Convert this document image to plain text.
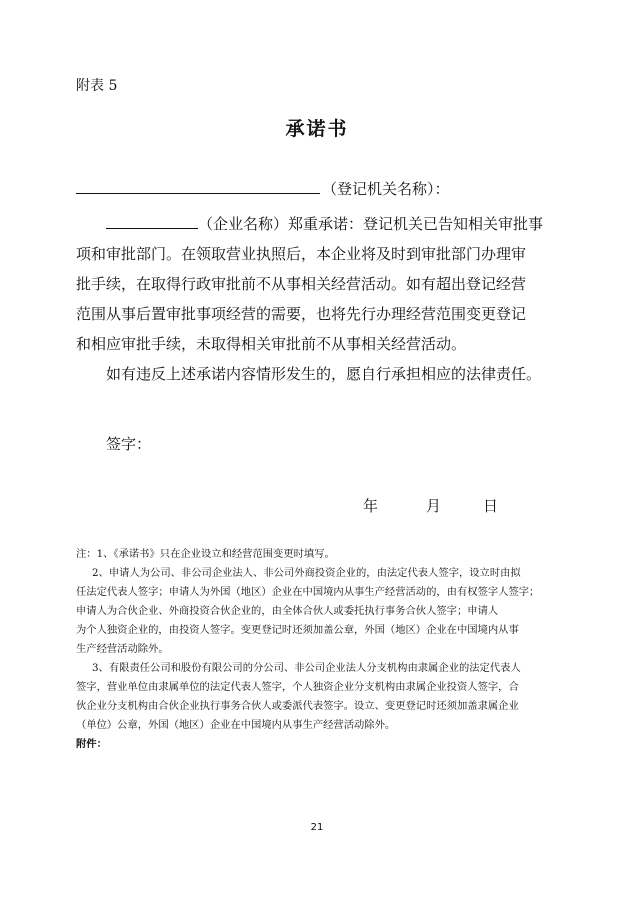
附表 5
承诺书
（登记机关名称）：
（企业名称）郑重承诺：登记机关已告知相关审批事
项和审批部门。在领取营业执照后，本企业将及时到审批部门办理审
批手续，在取得行政审批前不从事相关经营活动。如有超出登记经营
范围从事后置审批事项经营的需要，也将先行办理经营范围变更登记
和相应审批手续，未取得相关审批前不从事相关经营活动。
如有违反上述承诺内容情形发生的，愿自行承担相应的法律责任。
签字：
年	月	日
注：1、《承诺书》只在企业设立和经营范围变更时填写。
2、申请人为公司、非公司企业法人、非公司外商投资企业的，由法定代表人签字，设立时由拟
任法定代表人签字；申请人为外国（地区）企业在中国境内从事生产经营活动的，由有权签字人签字；
申请人为合伙企业、外商投资合伙企业的，由全体合伙人或委托执行事务合伙人签字；申请人
为个人独资企业的，由投资人签字。变更登记时还须加盖公章，外国（地区）企业在中国境内从事
生产经营活动除外。
3、有限责任公司和股份有限公司的分公司、非公司企业法人分支机构由隶属企业的法定代表人
签字，营业单位由隶属单位的法定代表人签字，个人独资企业分支机构由隶属企业投资人签字，合
伙企业分支机构由合伙企业执行事务合伙人或委派代表签字。设立、变更登记时还须加盖隶属企业
（单位）公章，外国（地区）企业在中国境内从事生产经营活动除外。
附件：
21
